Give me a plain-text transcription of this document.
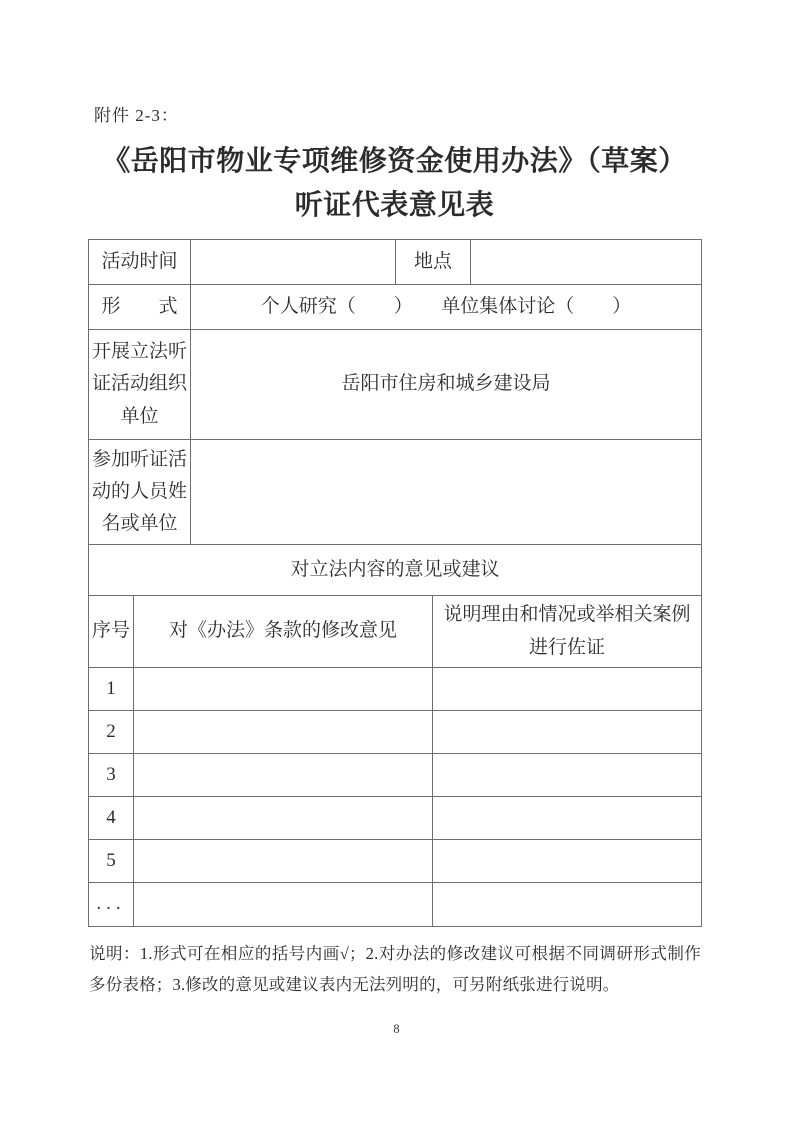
附件 2-3：
《岳阳市物业专项维修资金使用办法》（草案）
听证代表意见表
活动时间			地点		
形　　式		个人研究（　　）　　单位集体讨论（　　）			
开展立法听证活动组织单位		岳阳市住房和城乡建设局			
参加听证活动的人员姓名或单位					
对立法内容的意见或建议					
序号	对《办法》条款的修改意见			说明理由和情况或举相关案例进行佐证	
1					
2					
3					
4					
5					
...					

说明：1.形式可在相应的括号内画√；2.对办法的修改建议可根据不同调研形式制作多份表格；3.修改的意见或建议表内无法列明的，可另附纸张进行说明。

8
